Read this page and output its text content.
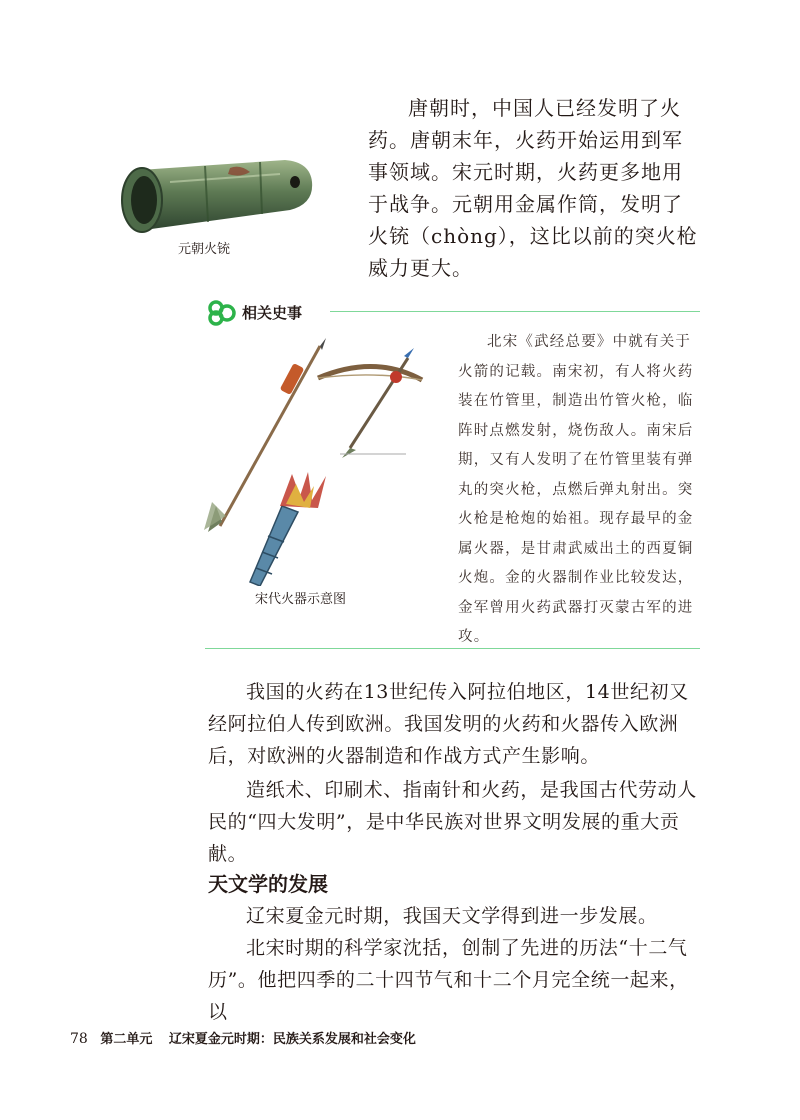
元朝火铳

唐朝时，中国人已经发明了火药。唐朝末年，火药开始运用到军事领域。宋元时期，火药更多地用于战争。元朝用金属作筒，发明了火铳（chòng），这比以前的突火枪威力更大。

相关史事
宋代火器示意图

北宋《武经总要》中就有关于火箭的记载。南宋初，有人将火药装在竹管里，制造出竹管火枪，临阵时点燃发射，烧伤敌人。南宋后期，又有人发明了在竹管里装有弹丸的突火枪，点燃后弹丸射出。突火枪是枪炮的始祖。现存最早的金属火器，是甘肃武威出土的西夏铜火炮。金的火器制作业比较发达，金军曾用火药武器打灭蒙古军的进攻。

我国的火药在13世纪传入阿拉伯地区，14世纪初又经阿拉伯人传到欧洲。我国发明的火药和火器传入欧洲后，对欧洲的火器制造和作战方式产生影响。

造纸术、印刷术、指南针和火药，是我国古代劳动人民的“四大发明”，是中华民族对世界文明发展的重大贡献。

天文学的发展

辽宋夏金元时期，我国天文学得到进一步发展。

北宋时期的科学家沈括，创制了先进的历法“十二气历”。他把四季的二十四节气和十二个月完全统一起来，以

78 第二单元 辽宋夏金元时期：民族关系发展和社会变化
